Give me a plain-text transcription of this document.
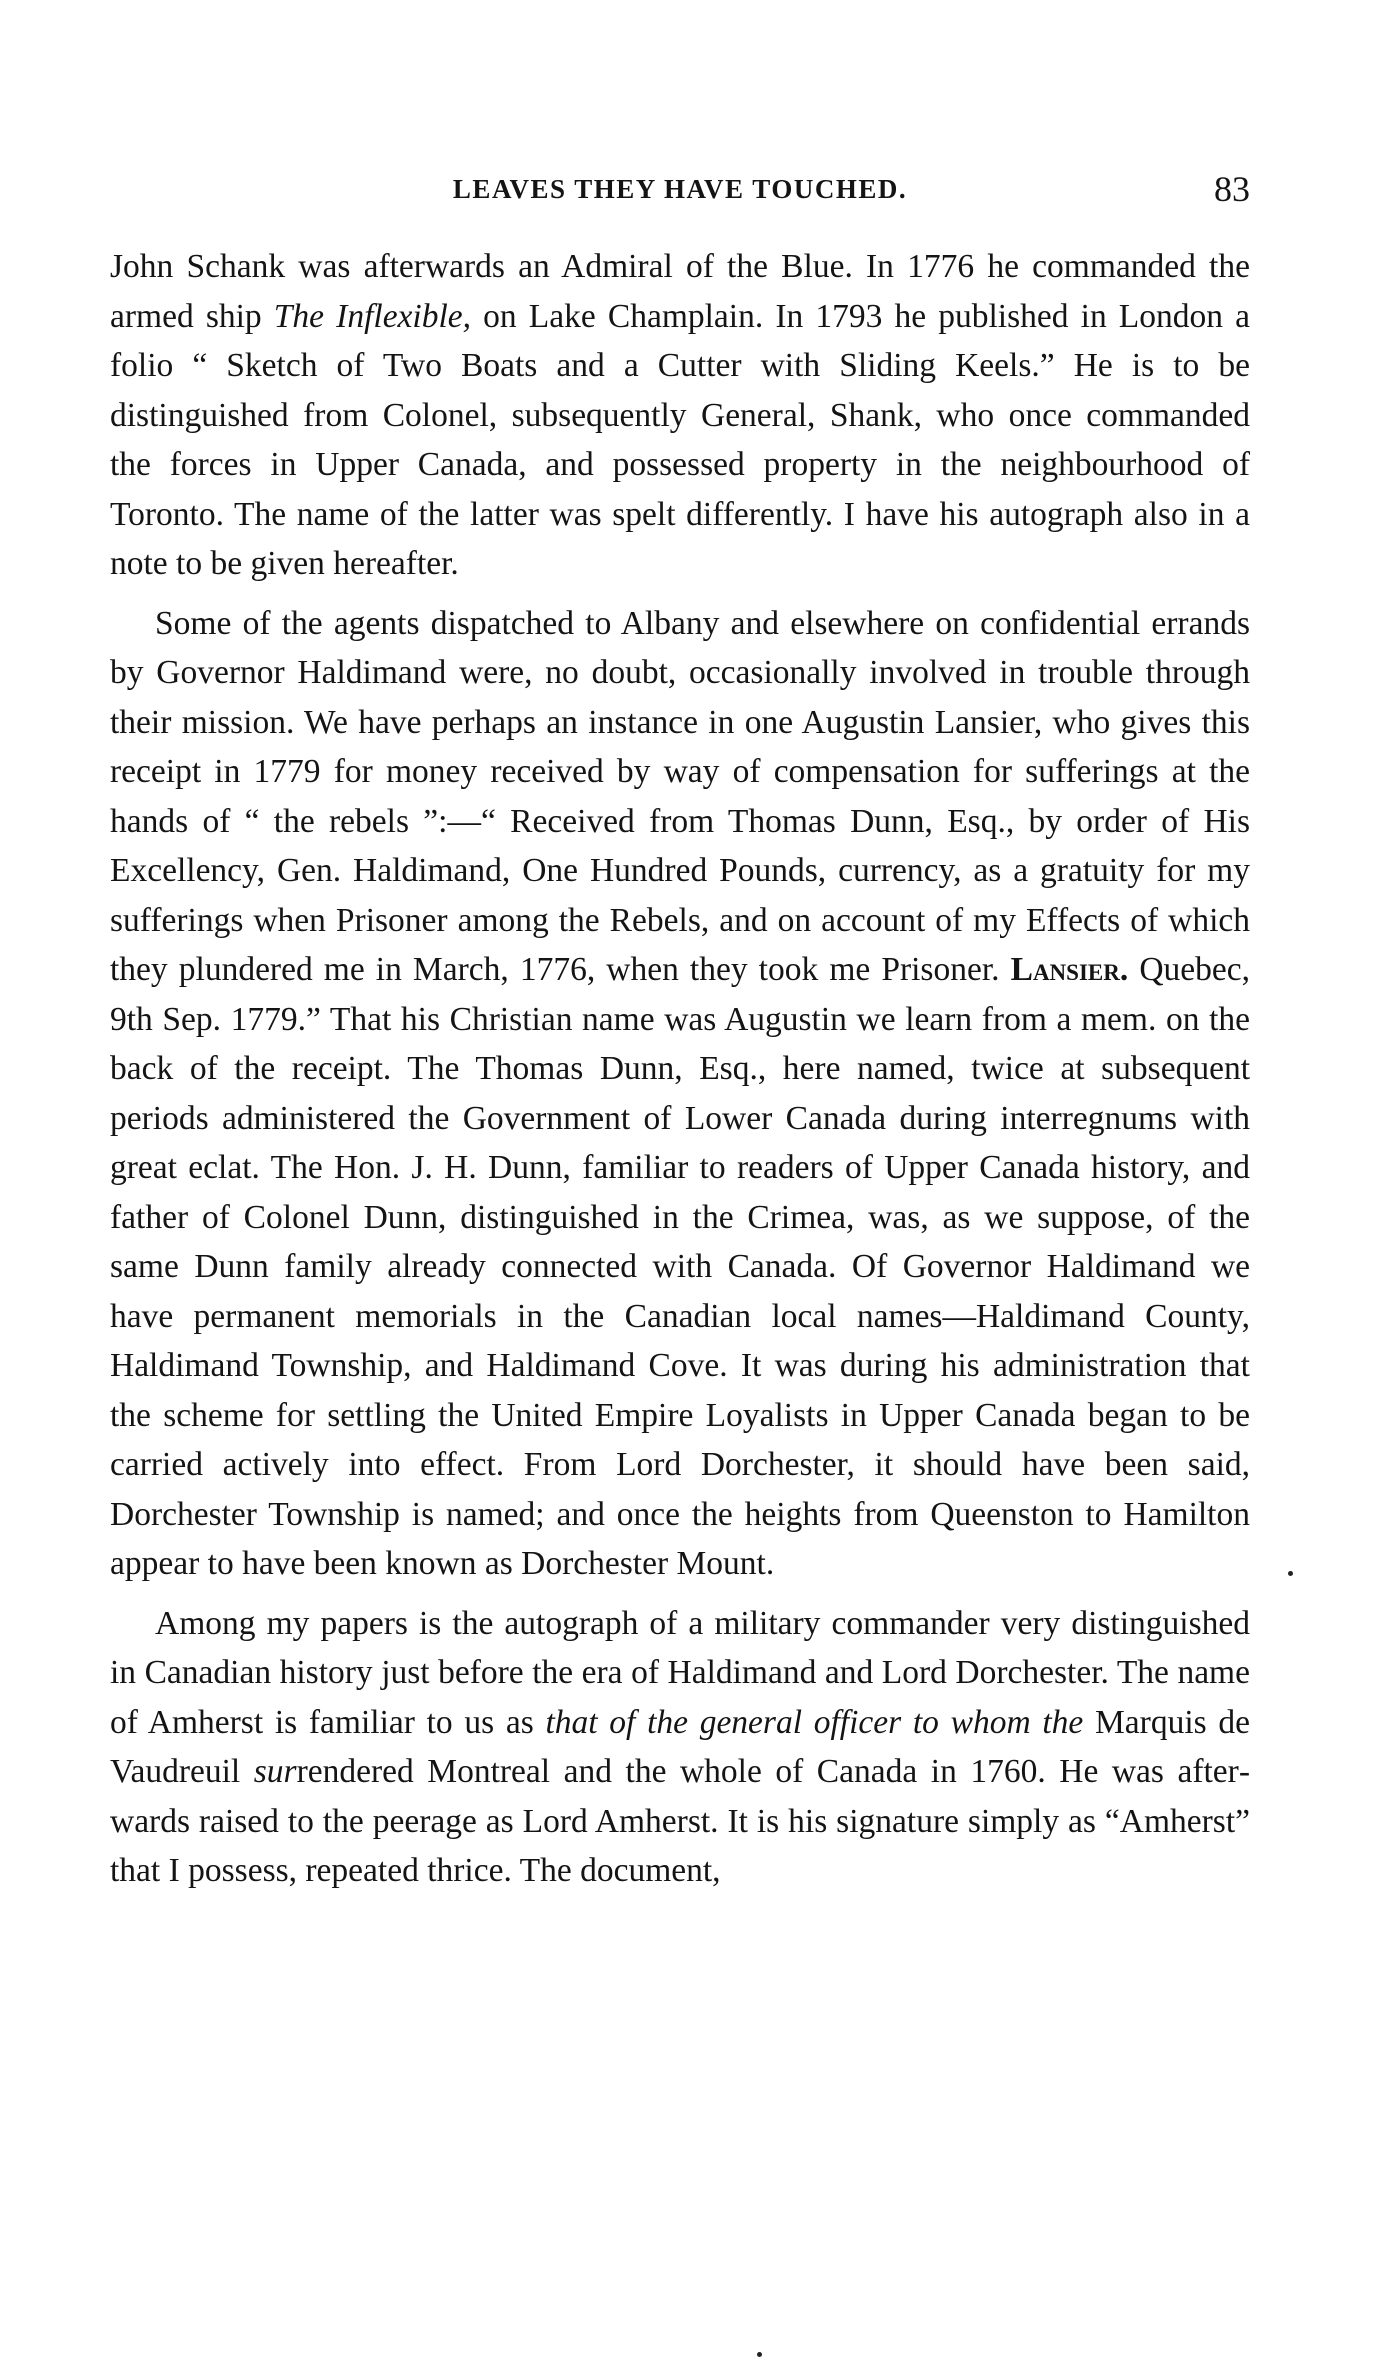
LEAVES THEY HAVE TOUCHED.	83

John Schank was afterwards an Admiral of the Blue. In 1776 he commanded the armed ship The Inflexible, on Lake Champlain. In 1793 he published in London a folio “ Sketch of Two Boats and a Cutter with Sliding Keels.” He is to be distinguished from Colonel, subsequently General, Shank, who once commanded the forces in Upper Canada, and possessed property in the neighbourhood of Toronto. The name of the latter was spelt differently. I have his autograph also in a note to be given hereafter.

Some of the agents dispatched to Albany and elsewhere on confidential errands by Governor Haldimand were, no doubt, occasionally involved in trouble through their mission. We have perhaps an instance in one Augustin Lansier, who gives this receipt in 1779 for money received by way of compensation for sufferings at the hands of “ the rebels ”:—“ Received from Thomas Dunn, Esq., by order of His Excellency, Gen. Haldimand, One Hundred Pounds, currency, as a gratuity for my sufferings when Prisoner among the Rebels, and on account of my Effects of which they plundered me in March, 1776, when they took me Prisoner. Lansier. Quebec, 9th Sep. 1779.” That his Christian name was Augustin we learn from a mem. on the back of the receipt. The Thomas Dunn, Esq., here named, twice at subsequent periods administered the Government of Lower Canada during interregnums with great eclat. The Hon. J. H. Dunn, familiar to readers of Upper Canada history, and father of Colonel Dunn, distinguished in the Crimea, was, as we suppose, of the same Dunn family already connected with Canada. Of Governor Haldimand we have permanent memorials in the Canadian local names—Haldimand County, Haldimand Township, and Haldimand Cove. It was during his administration that the scheme for settling the United Empire Loyalists in Upper Canada began to be carried actively into effect. From Lord Dorchester, it should have been said, Dorchester Township is named; and once the heights from Queenston to Hamilton appear to have been known as Dorchester Mount.

Among my papers is the autograph of a military commander very distinguished in Canadian history just before the era of Haldimand and Lord Dorchester. The name of Amherst is familiar to us as that of the general officer to whom the Marquis de Vaudreuil surrendered Montreal and the whole of Canada in 1760. He was afterwards raised to the peerage as Lord Amherst. It is his signature simply as “Amherst” that I possess, repeated thrice. The document,
